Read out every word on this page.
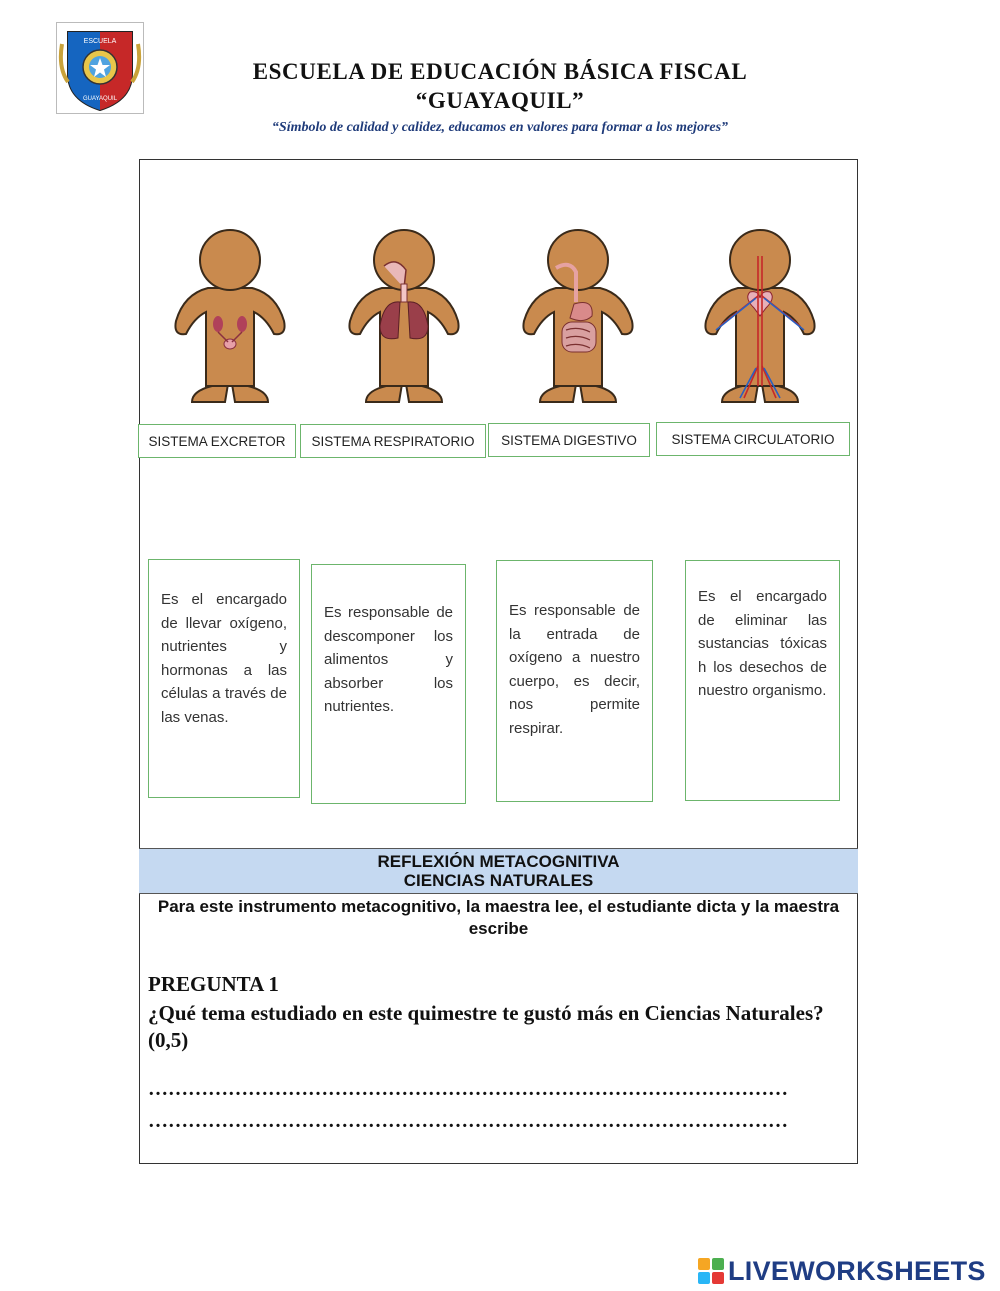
ESCUELA
GUAYAQUIL
ESCUELA DE EDUCACIÓN BÁSICA FISCAL
“GUAYAQUIL”
“Símbolo de calidad y calidez, educamos en valores para formar a los mejores”
SISTEMA EXCRETOR	SISTEMA RESPIRATORIO	SISTEMA DIGESTIVO	SISTEMA CIRCULATORIO
Es el encargado de llevar oxígeno, nutrientes y hormonas a las células a través de las venas.
Es responsable de descomponer los alimentos y absorber los nutrientes.
Es responsable de la entrada de oxígeno a nuestro cuerpo, es decir, nos permite respirar.
Es el encargado de eliminar las sustancias tóxicas h los desechos de nuestro organismo.
REFLEXIÓN METACOGNITIVA
CIENCIAS NATURALES
Para este instrumento metacognitivo, la maestra lee, el estudiante dicta y la maestra escribe
PREGUNTA 1
¿Qué tema estudiado en este quimestre te gustó más en Ciencias Naturales? (0,5)
……………………………………………………………………………………
……………………………………………………………………………………
LIVEWORKSHEETS
